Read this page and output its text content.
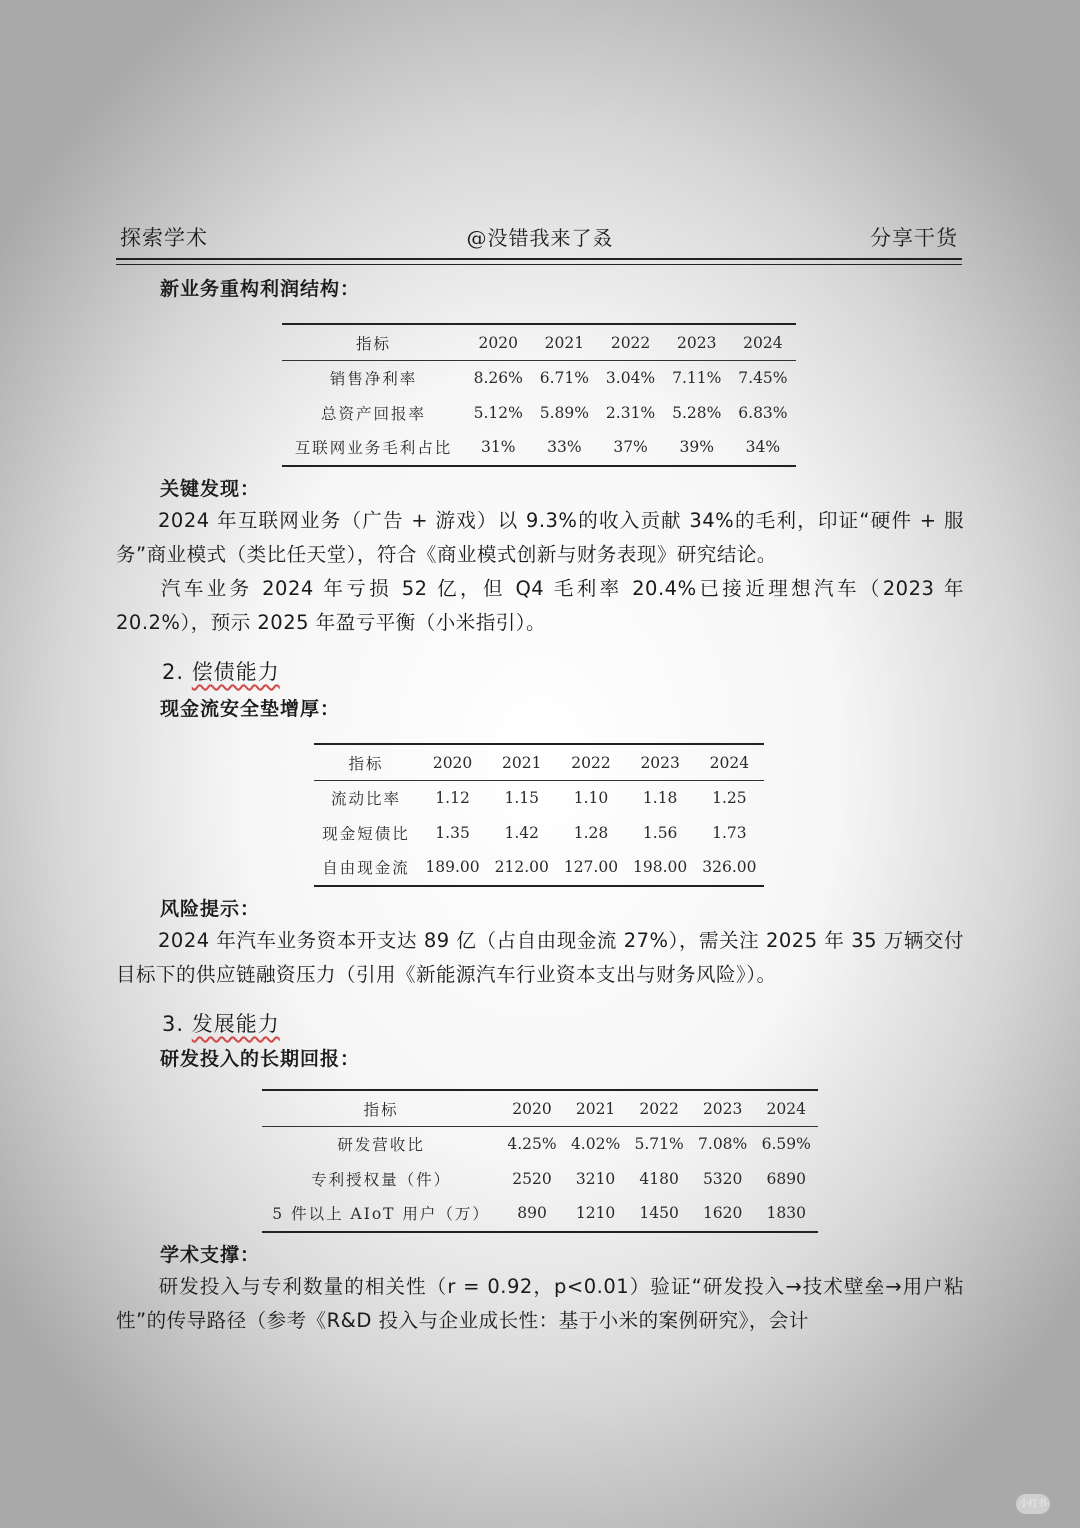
探索学术	@没错我来了叒	分享干货
新业务重构利润结构：
指标	2020	2021	2022	2023	2024
销售净利率	8.26%	6.71%	3.04%	7.11%	7.45%
总资产回报率	5.12%	5.89%	2.31%	5.28%	6.83%
互联网业务毛利占比	31%	33%	37%	39%	34%
关键发现：
2024 年互联网业务（广告 + 游戏）以 9.3%的收入贡献 34%的毛利，印证“硬件 + 服务”商业模式（类比任天堂），符合《商业模式创新与财务表现》研究结论。
汽车业务 2024 年亏损 52 亿，但 Q4 毛利率 20.4%已接近理想汽车（2023 年 20.2%），预示 2025 年盈亏平衡（小米指引）。
2. 偿债能力
现金流安全垫增厚：
指标	2020	2021	2022	2023	2024
流动比率	1.12	1.15	1.10	1.18	1.25
现金短债比	1.35	1.42	1.28	1.56	1.73
自由现金流	189.00	212.00	127.00	198.00	326.00
风险提示：
2024 年汽车业务资本开支达 89 亿（占自由现金流 27%），需关注 2025 年 35 万辆交付目标下的供应链融资压力（引用《新能源汽车行业资本支出与财务风险》）。
3. 发展能力
研发投入的长期回报：
指标	2020	2021	2022	2023	2024
研发营收比	4.25%	4.02%	5.71%	7.08%	6.59%
专利授权量（件）	2520	3210	4180	5320	6890
5 件以上 AIoT 用户（万）	890	1210	1450	1620	1830
学术支撑：
研发投入与专利数量的相关性（r = 0.92，p<0.01）验证“研发投入→技术壁垒→用户粘性”的传导路径（参考《R&D 投入与企业成长性：基于小米的案例研究》，会计
小红书
